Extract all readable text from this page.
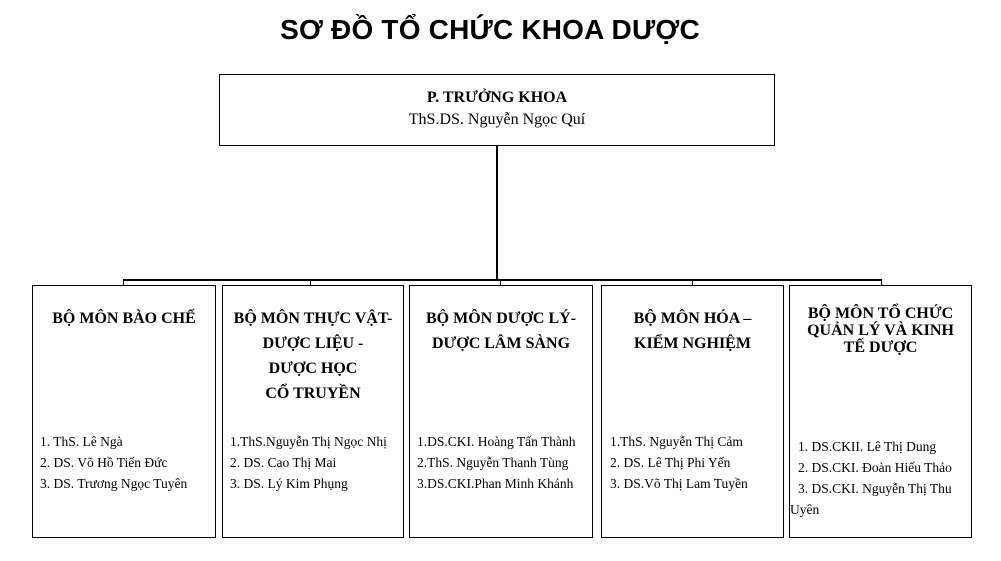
SƠ ĐỒ TỔ CHỨC KHOA DƯỢC
P. TRƯỞNG KHOA
ThS.DS. Nguyễn Ngọc Quí
BỘ MÔN BÀO CHẾ
1. ThS. Lê Ngà
2. DS. Võ Hồ Tiến Đức
3. DS. Trương Ngọc Tuyên
BỘ MÔN THỰC VẬT-
DƯỢC LIỆU -
DƯỢC HỌC
CỔ TRUYỀN
1.ThS.Nguyễn Thị Ngọc Nhị
2. DS. Cao Thị Mai
3. DS. Lý Kim Phụng
BỘ MÔN DƯỢC LÝ-
DƯỢC LÂM SÀNG
1.DS.CKI. Hoàng Tấn Thành
2.ThS. Nguyễn Thanh Tùng
3.DS.CKI.Phan Minh Khánh
BỘ MÔN HÓA –
KIỂM NGHIỆM
1.ThS. Nguyễn Thị Cảm
2. DS. Lê Thị Phi Yến
3. DS.Võ Thị Lam Tuyền
BỘ MÔN TỔ CHỨC
QUẢN LÝ VÀ KINH
TẾ DƯỢC
1. DS.CKII. Lê Thị Dung
2. DS.CKI. Đoàn Hiếu Thảo
3. DS.CKI. Nguyễn Thị Thu Uyên
